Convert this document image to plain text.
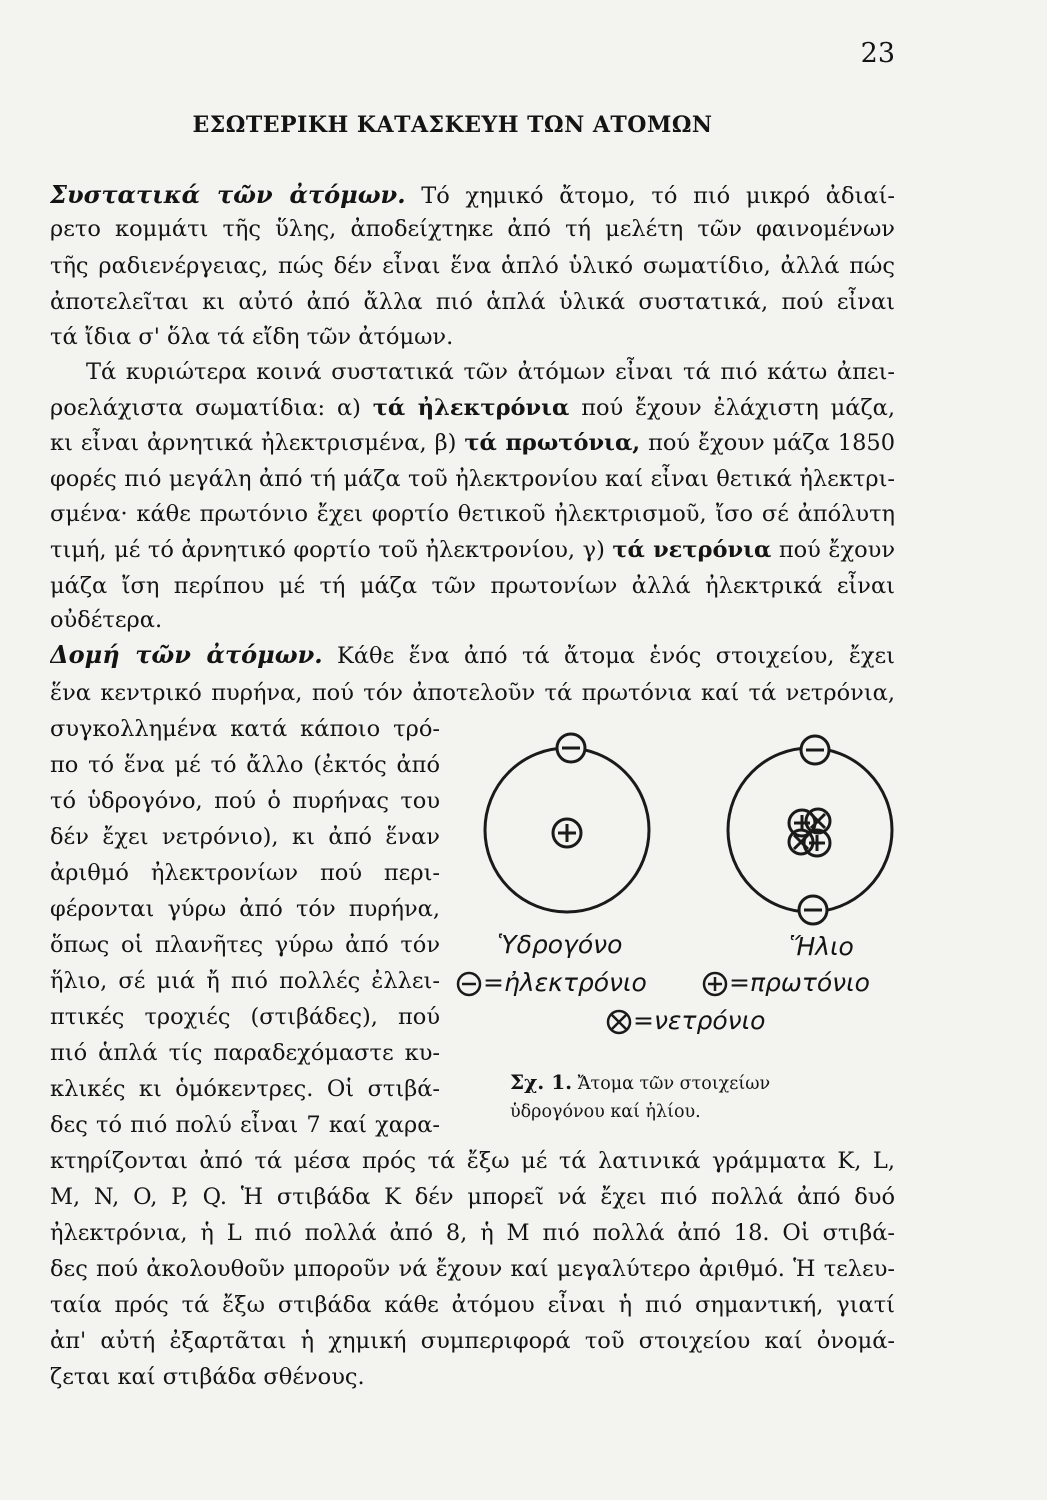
23
ΕΣΩΤΕΡΙΚΗ ΚΑΤΑΣΚΕΥΗ ΤΩΝ ΑΤΟΜΩΝ
Συστατικά τῶν ἀτόμων. Τό χημικό ἄτομο, τό πιό μικρό ἀδιαί-
ρετο κομμάτι τῆς ὕλης, ἀποδείχτηκε ἀπό τή μελέτη τῶν φαινομένων
τῆς ραδιενέργειας, πώς δέν εἶναι ἕνα ἁπλό ὑλικό σωματίδιο, ἀλλά πώς
ἀποτελεῖται κι αὐτό ἀπό ἄλλα πιό ἁπλά ὑλικά συστατικά, πού εἶναι
τά ἴδια σ' ὅλα τά εἴδη τῶν ἀτόμων.
Τά κυριώτερα κοινά συστατικά τῶν ἀτόμων εἶναι τά πιό κάτω ἀπει-
ροελάχιστα σωματίδια: α) τά ἠλεκτρόνια πού ἔχουν ἐλάχιστη μάζα,
κι εἶναι ἀρνητικά ἠλεκτρισμένα, β) τά πρωτόνια, πού ἔχουν μάζα 1850
φορές πιό μεγάλη ἀπό τή μάζα τοῦ ἠλεκτρονίου καί εἶναι θετικά ἠλεκτρι-
σμένα· κάθε πρωτόνιο ἔχει φορτίο θετικοῦ ἠλεκτρισμοῦ, ἴσο σέ ἀπόλυτη
τιμή, μέ τό ἀρνητικό φορτίο τοῦ ἠλεκτρονίου, γ) τά νετρόνια πού ἔχουν
μάζα ἴση περίπου μέ τή μάζα τῶν πρωτονίων ἀλλά ἠλεκτρικά εἶναι
οὐδέτερα.
Δομή τῶν ἀτόμων. Κάθε ἕνα ἀπό τά ἄτομα ἑνός στοιχείου, ἔχει
ἕνα κεντρικό πυρήνα, πού τόν ἀποτελοῦν τά πρωτόνια καί τά νετρόνια,
συγκολλημένα κατά κάποιο τρό-
πο τό ἕνα μέ τό ἄλλο (ἐκτός ἀπό
τό ὑδρογόνο, πού ὁ πυρήνας του
δέν ἔχει νετρόνιο), κι ἀπό ἕναν
ἀριθμό ἠλεκτρονίων πού περι-
φέρονται γύρω ἀπό τόν πυρήνα,
ὅπως οἱ πλανῆτες γύρω ἀπό τόν
ἥλιο, σέ μιά ἤ πιό πολλές ἐλλει-
πτικές τροχιές (στιβάδες), πού
πιό ἁπλά τίς παραδεχόμαστε κυ-
κλικές κι ὁμόκεντρες. Οἱ στιβά-
δες τό πιό πολύ εἶναι 7 καί χαρα-
κτηρίζονται ἀπό τά μέσα πρός τά ἔξω μέ τά λατινικά γράμματα K, L,
M, N, O, P, Q. Ἡ στιβάδα K δέν μπορεῖ νά ἔχει πιό πολλά ἀπό δυό
ἠλεκτρόνια, ἡ L πιό πολλά ἀπό 8, ἡ M πιό πολλά ἀπό 18. Οἱ στιβά-
δες πού ἀκολουθοῦν μποροῦν νά ἔχουν καί μεγαλύτερο ἀριθμό. Ἡ τελευ-
ταία πρός τά ἔξω στιβάδα κάθε ἀτόμου εἶναι ἡ πιό σημαντική, γιατί
ἀπ' αὐτή ἐξαρτᾶται ἡ χημική συμπεριφορά τοῦ στοιχείου καί ὀνομά-
ζεται καί στιβάδα σθένους.
Ὑδρογόνο	Ἥλιο
=ἠλεκτρόνιο	=πρωτόνιο
=νετρόνιο
Σχ. 1. Ἄτομα τῶν στοιχείων ὑδρογόνου καί ἡλίου.
